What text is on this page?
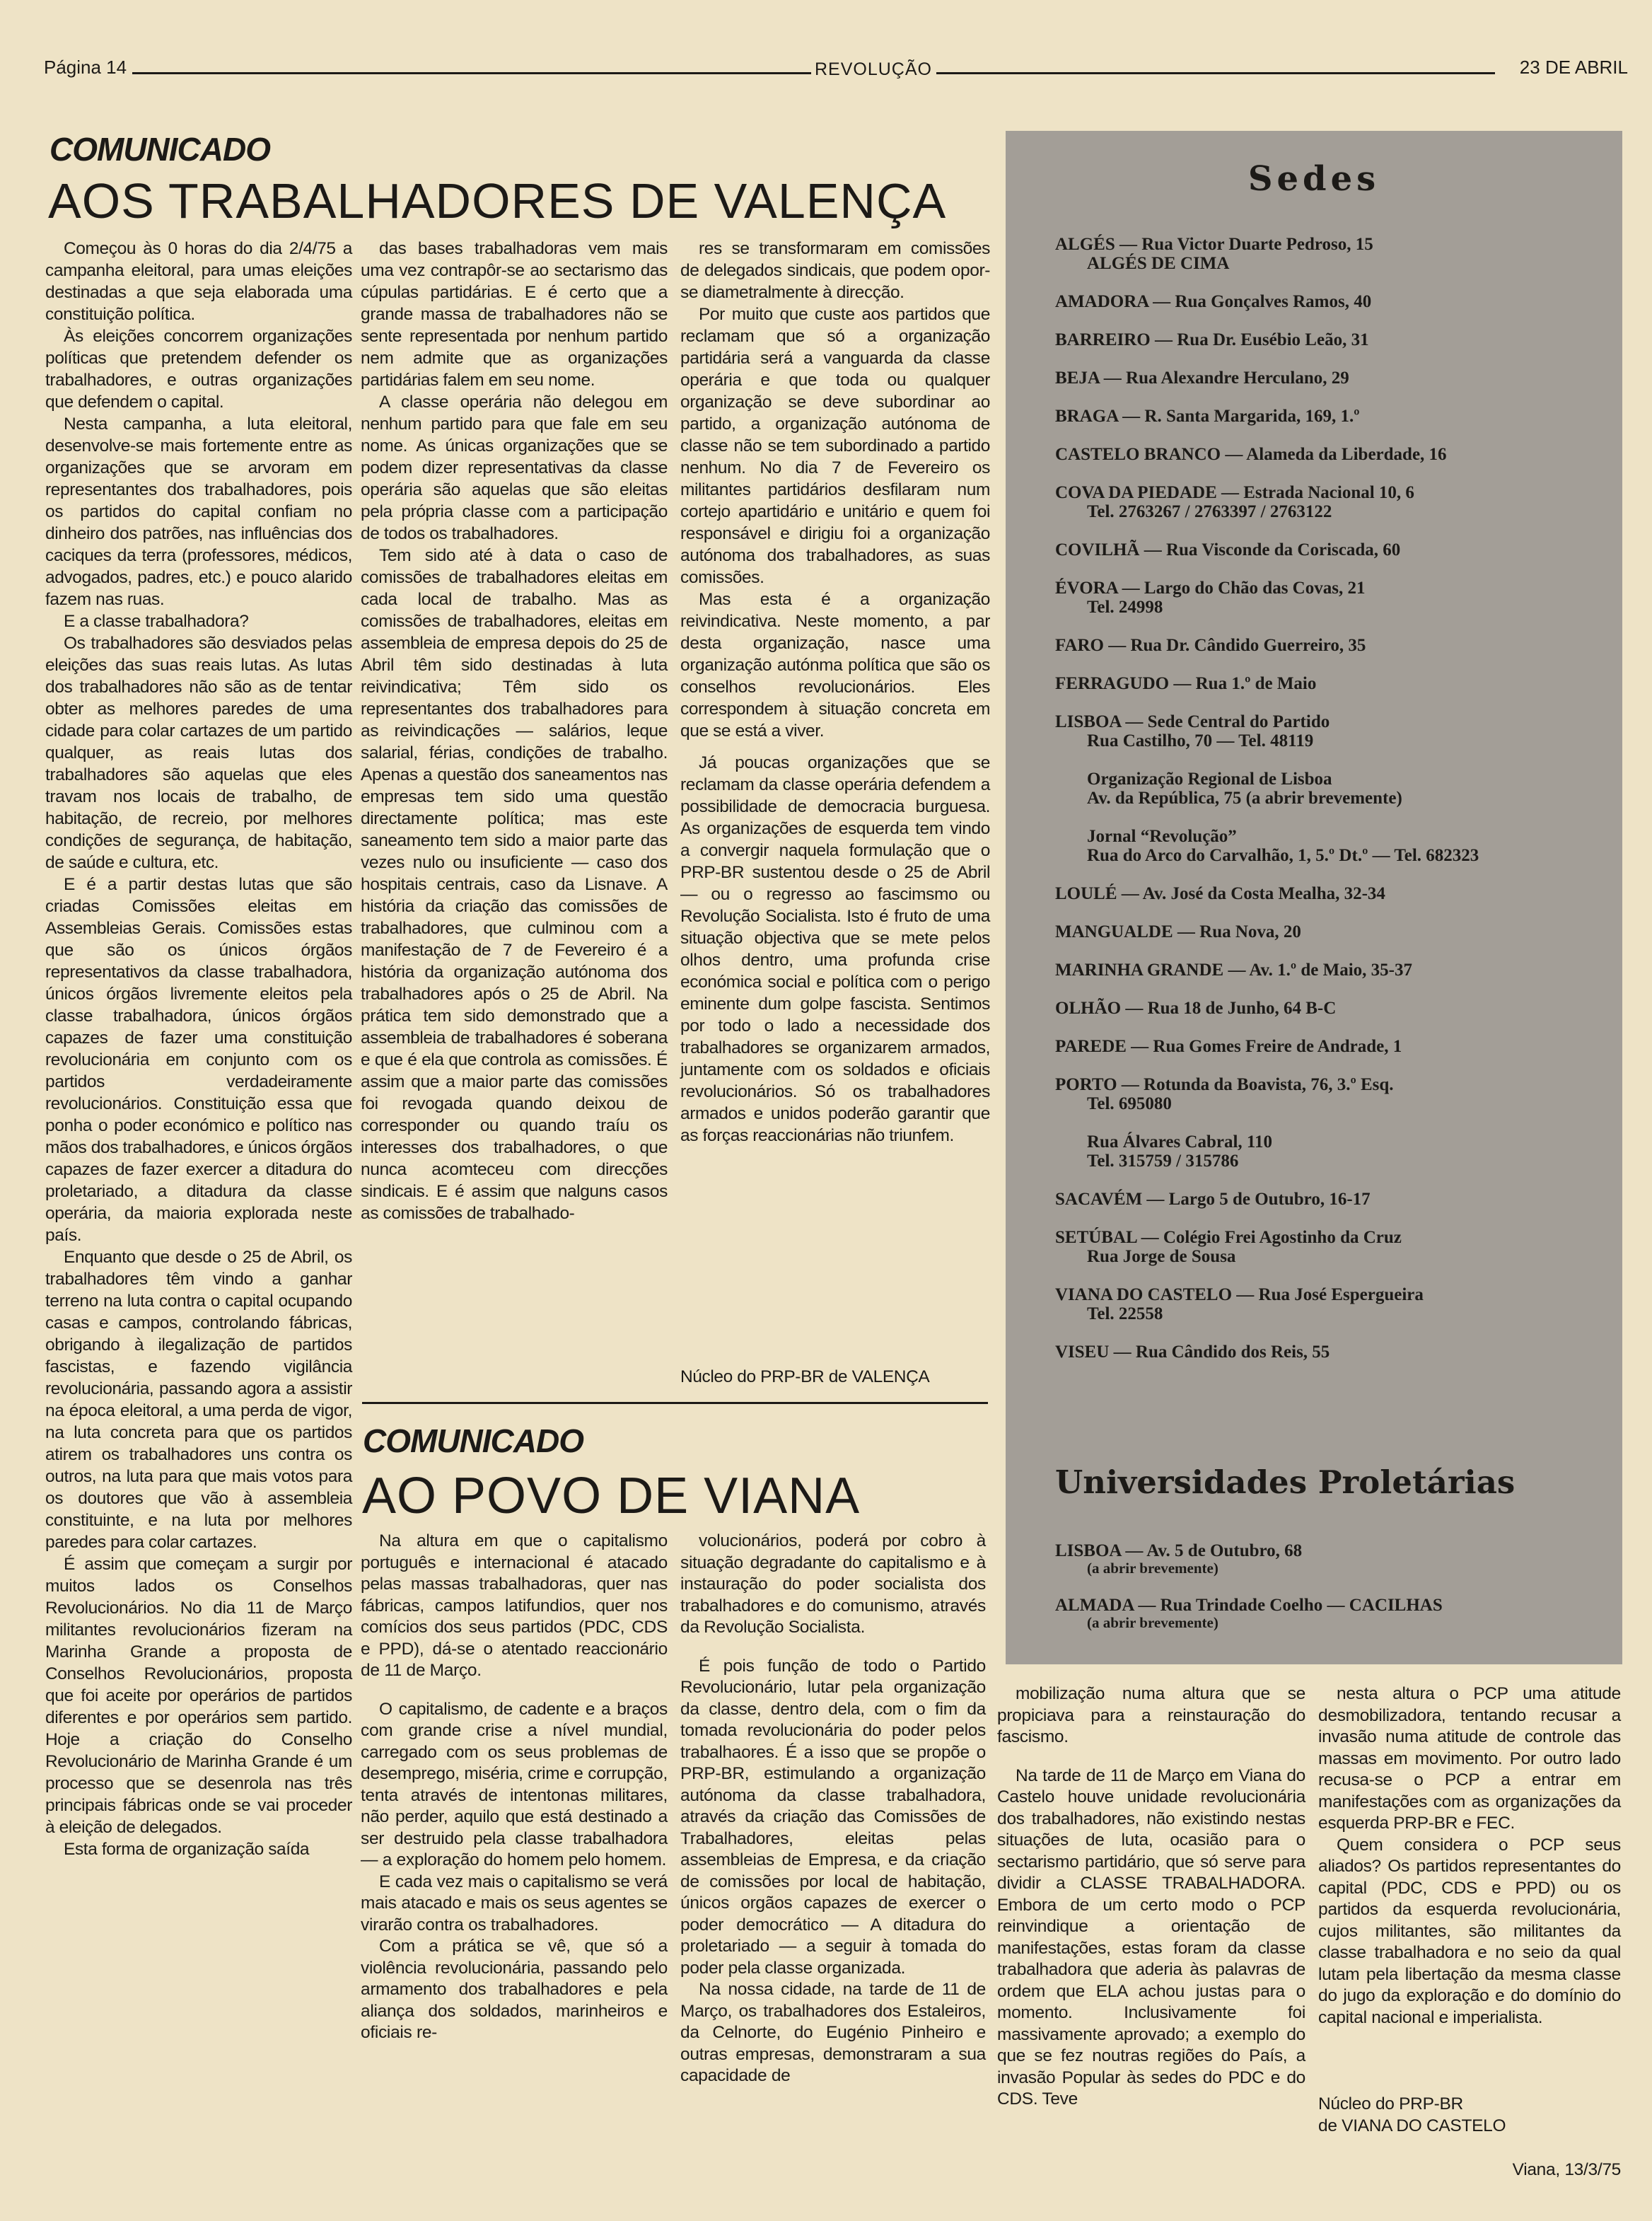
Página 14	REVOLUÇÃO	23 DE ABRIL
COMUNICADO
AOS TRABALHADORES DE VALENÇA

Começou às 0 horas do dia 2/4/75 a campanha eleitoral, para umas eleições destinadas a que seja elaborada uma constituição política.

Às eleições concorrem organizações políticas que pretendem defender os trabalhadores, e outras organizações que defendem o capital.

Nesta campanha, a luta eleitoral, desenvolve-se mais fortemente entre as organizações que se arvoram em representantes dos trabalhadores, pois os partidos do capital confiam no dinheiro dos patrões, nas influências dos caciques da terra (professores, médicos, advogados, padres, etc.) e pouco alarido fazem nas ruas.

E a classe trabalhadora?

Os trabalhadores são desviados pelas eleições das suas reais lutas. As lutas dos trabalhadores não são as de tentar obter as melhores paredes de uma cidade para colar cartazes de um partido qualquer, as reais lutas dos trabalhadores são aquelas que eles travam nos locais de trabalho, de habitação, de recreio, por melhores condições de segurança, de habitação, de saúde e cultura, etc.

E é a partir destas lutas que são criadas Comissões eleitas em Assembleias Gerais. Comissões estas que são os únicos órgãos representativos da classe trabalhadora, únicos órgãos livremente eleitos pela classe trabalhadora, únicos órgãos capazes de fazer uma constituição revolucionária em conjunto com os partidos verdadeiramente revolucionários. Constituição essa que ponha o poder económico e político nas mãos dos trabalhadores, e únicos órgãos capazes de fazer exercer a ditadura do proletariado, a ditadura da classe operária, da maioria explorada neste país.

Enquanto que desde o 25 de Abril, os trabalhadores têm vindo a ganhar terreno na luta contra o capital ocupando casas e campos, controlando fábricas, obrigando à ilegalização de partidos fascistas, e fazendo vigilância revolucionária, passando agora a assistir na época eleitoral, a uma perda de vigor, na luta concreta para que os partidos atirem os trabalhadores uns contra os outros, na luta para que mais votos para os doutores que vão à assembleia constituinte, e na luta por melhores paredes para colar cartazes.

É assim que começam a surgir por muitos lados os Conselhos Revolucionários. No dia 11 de Março militantes revolucionários fizeram na Marinha Grande a proposta de Conselhos Revolucionários, proposta que foi aceite por operários de partidos diferentes e por operários sem partido. Hoje a criação do Conselho Revolucionário de Marinha Grande é um processo que se desenrola nas três principais fábricas onde se vai proceder à eleição de delegados.

Esta forma de organização saída

das bases trabalhadoras vem mais uma vez contrapôr-se ao sectarismo das cúpulas partidárias. E é certo que a grande massa de trabalhadores não se sente representada por nenhum partido nem admite que as organizações partidárias falem em seu nome.

A classe operária não delegou em nenhum partido para que fale em seu nome. As únicas organizações que se podem dizer representativas da classe operária são aquelas que são eleitas pela própria classe com a participação de todos os trabalhadores.

Tem sido até à data o caso de comissões de trabalhadores eleitas em cada local de trabalho. Mas as comissões de trabalhadores, eleitas em assembleia de empresa depois do 25 de Abril têm sido destinadas à luta reivindicativa; Têm sido os representantes dos trabalhadores para as reivindicações — salários, leque salarial, férias, condições de trabalho. Apenas a questão dos saneamentos nas empresas tem sido uma questão directamente política; mas este saneamento tem sido a maior parte das vezes nulo ou insuficiente — caso dos hospitais centrais, caso da Lisnave. A história da criação das comissões de trabalhadores, que culminou com a manifestação de 7 de Fevereiro é a história da organização autónoma dos trabalhadores após o 25 de Abril. Na prática tem sido demonstrado que a assembleia de trabalhadores é soberana e que é ela que controla as comissões. É assim que a maior parte das comissões foi revogada quando deixou de corresponder ou quando traíu os interesses dos trabalhadores, o que nunca acomteceu com direcções sindicais. E é assim que nalguns casos as comissões de trabalhado-

res se transformaram em comissões de delegados sindicais, que podem opor-se diametralmente à direcção.

Por muito que custe aos partidos que reclamam que só a organização partidária será a vanguarda da classe operária e que toda ou qualquer organização se deve subordinar ao partido, a organização autónoma de classe não se tem subordinado a partido nenhum. No dia 7 de Fevereiro os militantes partidários desfilaram num cortejo apartidário e unitário e quem foi responsável e dirigiu foi a organização autónoma dos trabalhadores, as suas comissões.

Mas esta é a organização reivindicativa. Neste momento, a par desta organização, nasce uma organização autónma política que são os conselhos revolucionários. Eles correspondem à situação concreta em que se está a viver.

Já poucas organizações que se reclamam da classe operária defendem a possibilidade de democracia burguesa. As organizações de esquerda tem vindo a convergir naquela formulação que o PRP-BR sustentou desde o 25 de Abril — ou o regresso ao fascimsmo ou Revolução Socialista. Isto é fruto de uma situação objectiva que se mete pelos olhos dentro, uma profunda crise económica social e política com o perigo eminente dum golpe fascista. Sentimos por todo o lado a necessidade dos trabalhadores se organizarem armados, juntamente com os soldados e oficiais revolucionários. Só os trabalhadores armados e unidos poderão garantir que as forças reaccionárias não triunfem.

Núcleo do PRP-BR de VALENÇA

Sedes
ALGÉS — Rua Victor Duarte Pedroso, 15
ALGÉS DE CIMA
AMADORA — Rua Gonçalves Ramos, 40
BARREIRO — Rua Dr. Eusébio Leão, 31
BEJA — Rua Alexandre Herculano, 29
BRAGA — R. Santa Margarida, 169, 1.º
CASTELO BRANCO — Alameda da Liberdade, 16
COVA DA PIEDADE — Estrada Nacional 10, 6
Tel. 2763267 / 2763397 / 2763122
COVILHÃ — Rua Visconde da Coriscada, 60
ÉVORA — Largo do Chão das Covas, 21
Tel. 24998
FARO — Rua Dr. Cândido Guerreiro, 35
FERRAGUDO — Rua 1.º de Maio
LISBOA — Sede Central do Partido
Rua Castilho, 70 — Tel. 48119
Organização Regional de Lisboa
Av. da República, 75 (a abrir brevemente)
Jornal “Revolução”
Rua do Arco do Carvalhão, 1, 5.º Dt.º — Tel. 682323
LOULÉ — Av. José da Costa Mealha, 32-34
MANGUALDE — Rua Nova, 20
MARINHA GRANDE — Av. 1.º de Maio, 35-37
OLHÃO — Rua 18 de Junho, 64 B-C
PAREDE — Rua Gomes Freire de Andrade, 1
PORTO — Rotunda da Boavista, 76, 3.º Esq.
Tel. 695080
Rua Álvares Cabral, 110
Tel. 315759 / 315786
SACAVÉM — Largo 5 de Outubro, 16-17
SETÚBAL — Colégio Frei Agostinho da Cruz
Rua Jorge de Sousa
VIANA DO CASTELO — Rua José Espergueira
Tel. 22558
VISEU — Rua Cândido dos Reis, 55
Universidades Proletárias
LISBOA — Av. 5 de Outubro, 68
(a abrir brevemente)
ALMADA — Rua Trindade Coelho — CACILHAS
(a abrir brevemente)
COMUNICADO
AO POVO DE VIANA

Na altura em que o capitalismo português e internacional é atacado pelas massas trabalhadoras, quer nas fábricas, campos latifundios, quer nos comícios dos seus partidos (PDC, CDS e PPD), dá-se o atentado reaccionário de 11 de Março.

O capitalismo, de cadente e a braços com grande crise a nível mundial, carregado com os seus problemas de desemprego, miséria, crime e corrupção, tenta através de intentonas militares, não perder, aquilo que está destinado a ser destruido pela classe trabalhadora — a exploração do homem pelo homem.

E cada vez mais o capitalismo se verá mais atacado e mais os seus agentes se virarão contra os trabalhadores.

Com a prática se vê, que só a violência revolucionária, passando pelo armamento dos trabalhadores e pela aliança dos soldados, marinheiros e oficiais re-

volucionários, poderá por cobro à situação degradante do capitalismo e à instauração do poder socialista dos trabalhadores e do comunismo, através da Revolução Socialista.

É pois função de todo o Partido Revolucionário, lutar pela organização da classe, dentro dela, com o fim da tomada revolucionária do poder pelos trabalhaores. É a isso que se propõe o PRP-BR, estimulando a organização autónoma da classe trabalhadora, através da criação das Comissões de Trabalhadores, eleitas pelas assembleias de Empresa, e da criação de comissões por local de habitação, únicos orgãos capazes de exercer o poder democrático — A ditadura do proletariado — a seguir à tomada do poder pela classe organizada.

Na nossa cidade, na tarde de 11 de Março, os trabalhadores dos Estaleiros, da Celnorte, do Eugénio Pinheiro e outras empresas, demonstraram a sua capacidade de

mobilização numa altura que se propiciava para a reinstauração do fascismo.

Na tarde de 11 de Março em Viana do Castelo houve unidade revolucionária dos trabalhadores, não existindo nestas situações de luta, ocasião para o sectarismo partidário, que só serve para dividir a CLASSE TRABALHADORA. Embora de um certo modo o PCP reinvindique a orientação de manifestações, estas foram da classe trabalhadora que aderia às palavras de ordem que ELA achou justas para o momento. Inclusivamente foi massivamente aprovado; a exemplo do que se fez noutras regiões do País, a invasão Popular às sedes do PDC e do CDS. Teve

nesta altura o PCP uma atitude desmobilizadora, tentando recusar a invasão numa atitude de controle das massas em movimento. Por outro lado recusa-se o PCP a entrar em manifestações com as organizações da esquerda PRP-BR e FEC.

Quem considera o PCP seus aliados? Os partidos representantes do capital (PDC, CDS e PPD) ou os partidos da esquerda revolucionária, cujos militantes, são militantes da classe trabalhadora e no seio da qual lutam pela libertação da mesma classe do jugo da exploração e do domínio do capital nacional e imperialista.

Núcleo do PRP-BR

de VIANA DO CASTELO

Viana, 13/3/75
